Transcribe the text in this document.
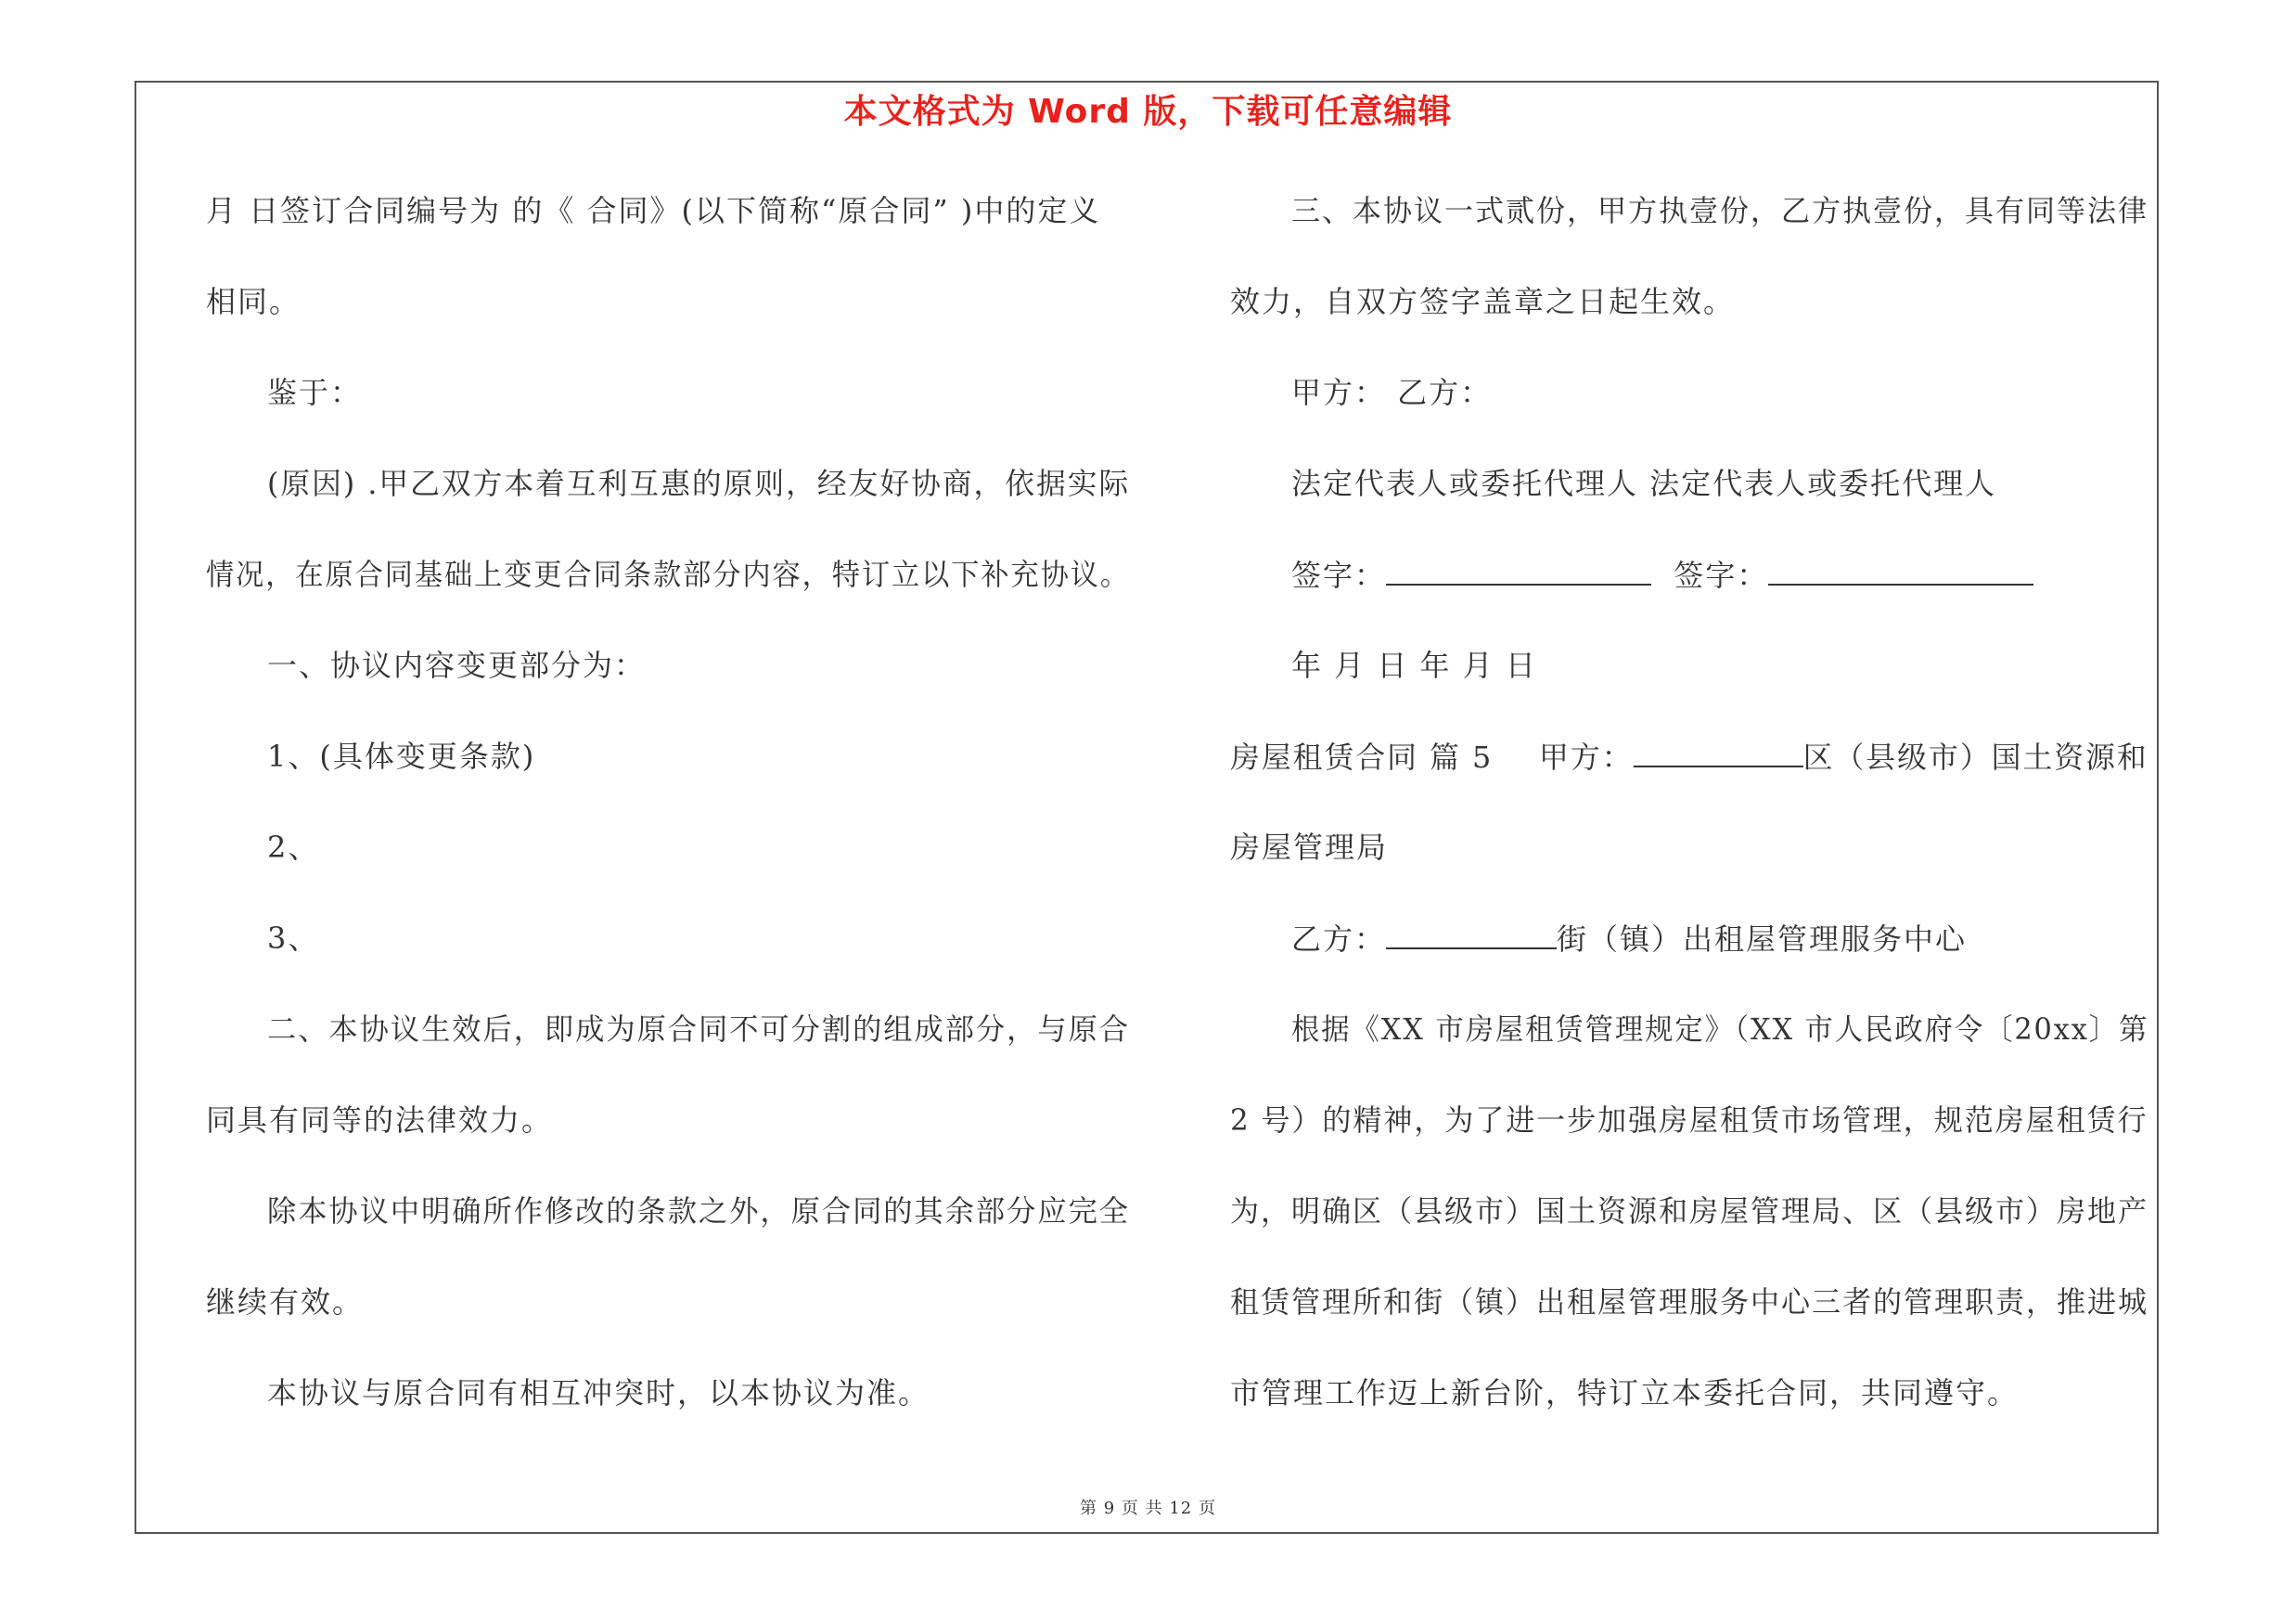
本文格式为 Word 版，下载可任意编辑
月 日签订合同编号为 的《 合同》(以下简称“原合同” )中的定义
相同。
鉴于：
(原因) .甲乙双方本着互利互惠的原则，经友好协商，依据实际
情况，在原合同基础上变更合同条款部分内容，特订立以下补充协议。
一、协议内容变更部分为：
1、(具体变更条款)
2、
3、
二、本协议生效后，即成为原合同不可分割的组成部分，与原合
同具有同等的法律效力。
除本协议中明确所作修改的条款之外，原合同的其余部分应完全
继续有效。
本协议与原合同有相互冲突时，以本协议为准。
三、本协议一式贰份，甲方执壹份，乙方执壹份，具有同等法律
效力，自双方签字盖章之日起生效。
甲方： 乙方：
法定代表人或委托代理人 法定代表人或委托代理人
签字：	签字：
年 月 日 年 月 日
房屋租赁合同 篇 5 甲方：	区（县级市）国土资源和
房屋管理局
乙方：	街（镇）出租屋管理服务中心
根据《XX 市房屋租赁管理规定》（XX 市人民政府令〔20xx〕第
2 号）的精神，为了进一步加强房屋租赁市场管理，规范房屋租赁行
为，明确区（县级市）国土资源和房屋管理局、区（县级市）房地产
租赁管理所和街（镇）出租屋管理服务中心三者的管理职责，推进城
市管理工作迈上新台阶，特订立本委托合同，共同遵守。
第 9 页 共 12 页
